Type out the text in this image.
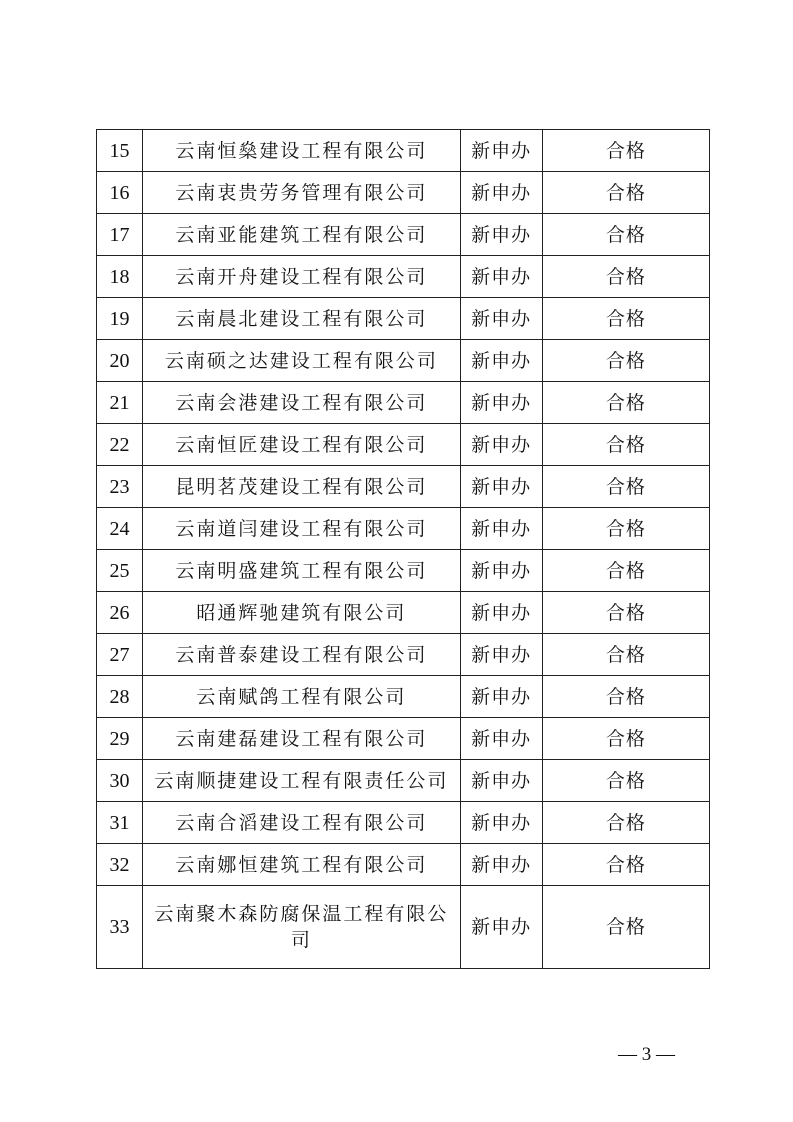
15	云南恒燊建设工程有限公司	新申办	合格
16	云南衷贵劳务管理有限公司	新申办	合格
17	云南亚能建筑工程有限公司	新申办	合格
18	云南开舟建设工程有限公司	新申办	合格
19	云南晨北建设工程有限公司	新申办	合格
20	云南硕之达建设工程有限公司	新申办	合格
21	云南会港建设工程有限公司	新申办	合格
22	云南恒匠建设工程有限公司	新申办	合格
23	昆明茗茂建设工程有限公司	新申办	合格
24	云南道闫建设工程有限公司	新申办	合格
25	云南明盛建筑工程有限公司	新申办	合格
26	昭通辉驰建筑有限公司	新申办	合格
27	云南普泰建设工程有限公司	新申办	合格
28	云南赋鸽工程有限公司	新申办	合格
29	云南建磊建设工程有限公司	新申办	合格
30	云南顺捷建设工程有限责任公司	新申办	合格
31	云南合滔建设工程有限公司	新申办	合格
32	云南娜恒建筑工程有限公司	新申办	合格
33	云南聚木森防腐保温工程有限公司	新申办	合格
— 3 —
